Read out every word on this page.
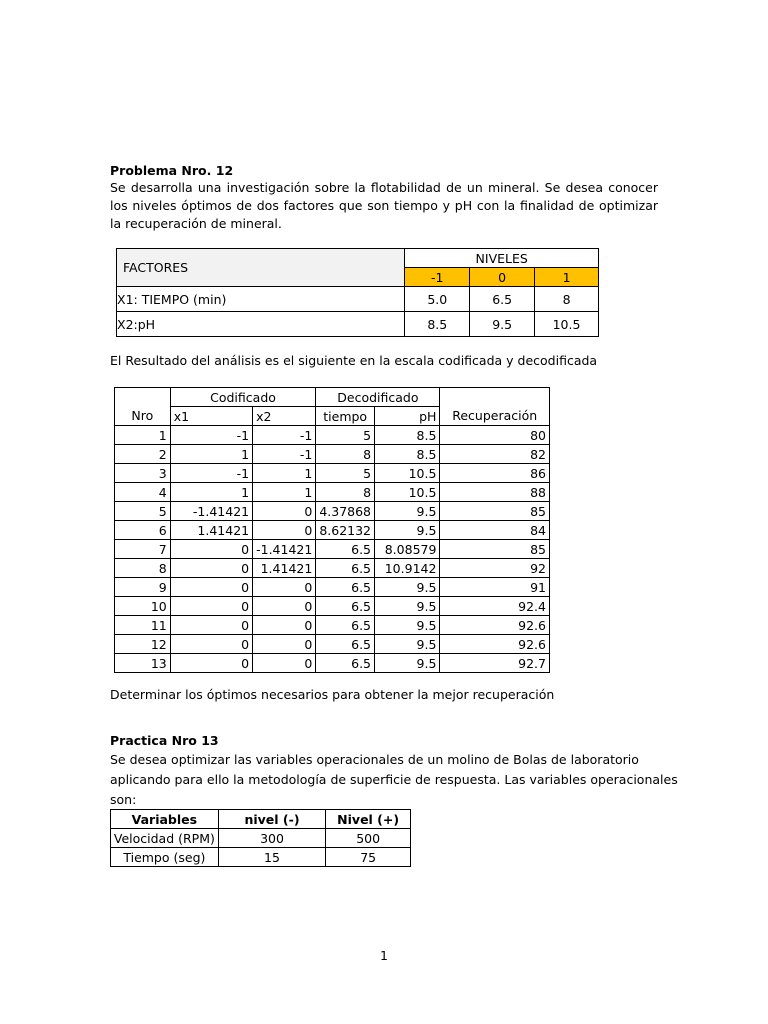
Problema Nro. 12
Se desarrolla una investigación sobre la flotabilidad de un mineral. Se desea conocer los niveles óptimos de dos factores que son tiempo y pH con la finalidad de optimizar la recuperación de mineral.
FACTORES	NIVELES		
	-1	0	1
X1: TIEMPO (min)	5.0	6.5	8
X2:pH	8.5	9.5	10.5
El Resultado del análisis es el siguiente en la escala codificada y decodificada
	Codificado		Decodificado		
Nro	x1	x2	tiempo	pH	Recuperación
1	-1	-1	5	8.5	80
2	1	-1	8	8.5	82
3	-1	1	5	10.5	86
4	1	1	8	10.5	88
5	-1.41421	0	4.37868	9.5	85
6	1.41421	0	8.62132	9.5	84
7	0	-1.41421	6.5	8.08579	85
8	0	1.41421	6.5	10.9142	92
9	0	0	6.5	9.5	91
10	0	0	6.5	9.5	92.4
11	0	0	6.5	9.5	92.6
12	0	0	6.5	9.5	92.6
13	0	0	6.5	9.5	92.7
Determinar los óptimos necesarios para obtener la mejor recuperación
Practica Nro 13
Se desea optimizar las variables operacionales de un molino de Bolas de laboratorio aplicando para ello la metodología de superficie de respuesta. Las variables operacionales son:
Variables	nivel (-)	Nivel (+)
Velocidad (RPM)	300	500
Tiempo (seg)	15	75
1
